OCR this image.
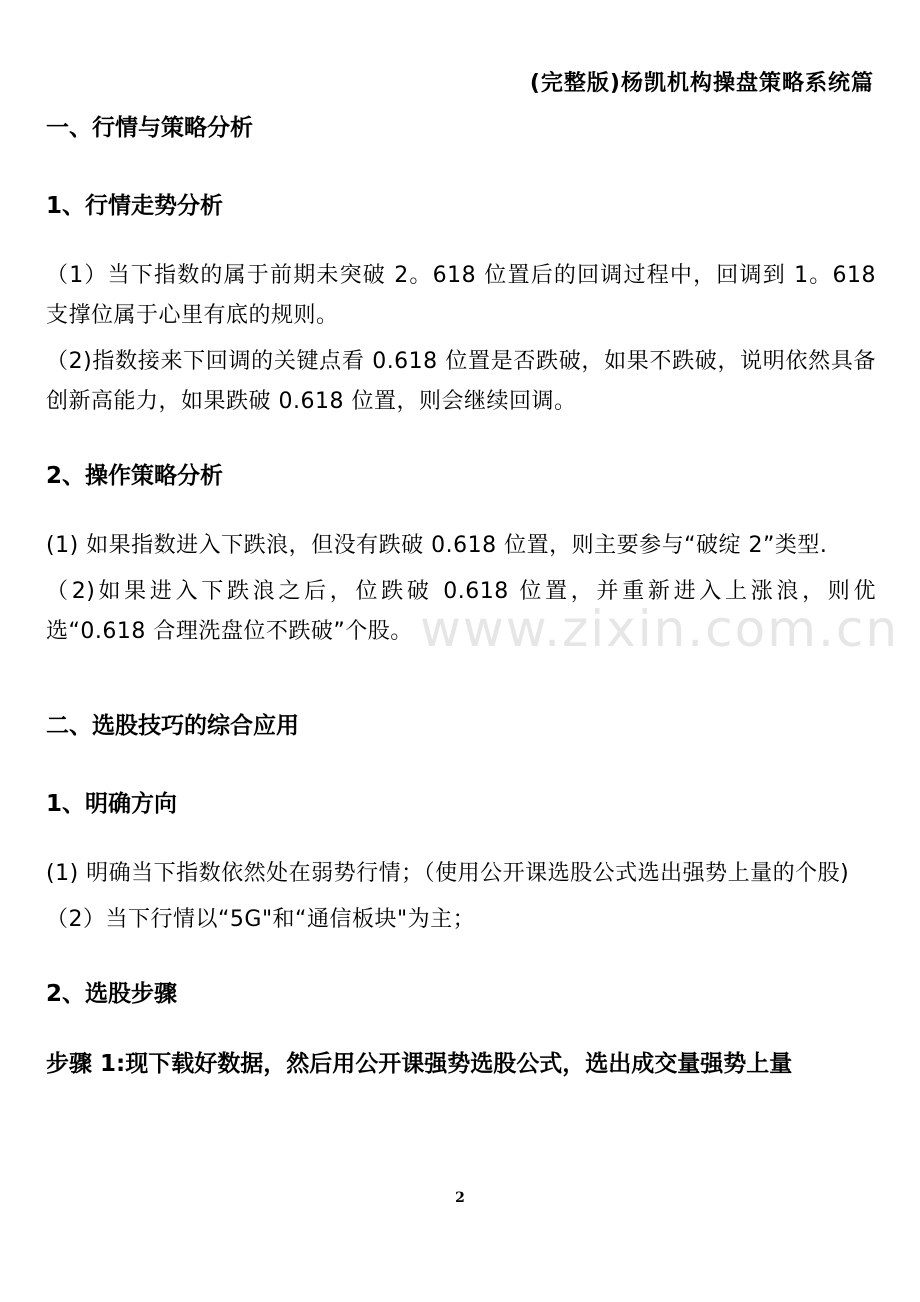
(完整版)杨凯机构操盘策略系统篇
www.zixin.com.cn
一、行情与策略分析
1、行情走势分析
（1）当下指数的属于前期未突破 2。618 位置后的回调过程中，回调到 1。618 支撑位属于心里有底的规则。
（2)指数接来下回调的关键点看 0.618 位置是否跌破，如果不跌破，说明依然具备创新高能力，如果跌破 0.618 位置，则会继续回调。
2、操作策略分析
(1) 如果指数进入下跌浪，但没有跌破 0.618 位置，则主要参与“破绽 2”类型.
（2)如果进入下跌浪之后，位跌破 0.618 位置，并重新进入上涨浪，则优选“0.618 合理洗盘位不跌破”个股。
二、选股技巧的综合应用
1、明确方向
(1) 明确当下指数依然处在弱势行情；（使用公开课选股公式选出强势上量的个股)
（2）当下行情以“5G"和“通信板块"为主；
2、选股步骤
步骤 1:现下载好数据，然后用公开课强势选股公式，选出成交量强势上量
2
